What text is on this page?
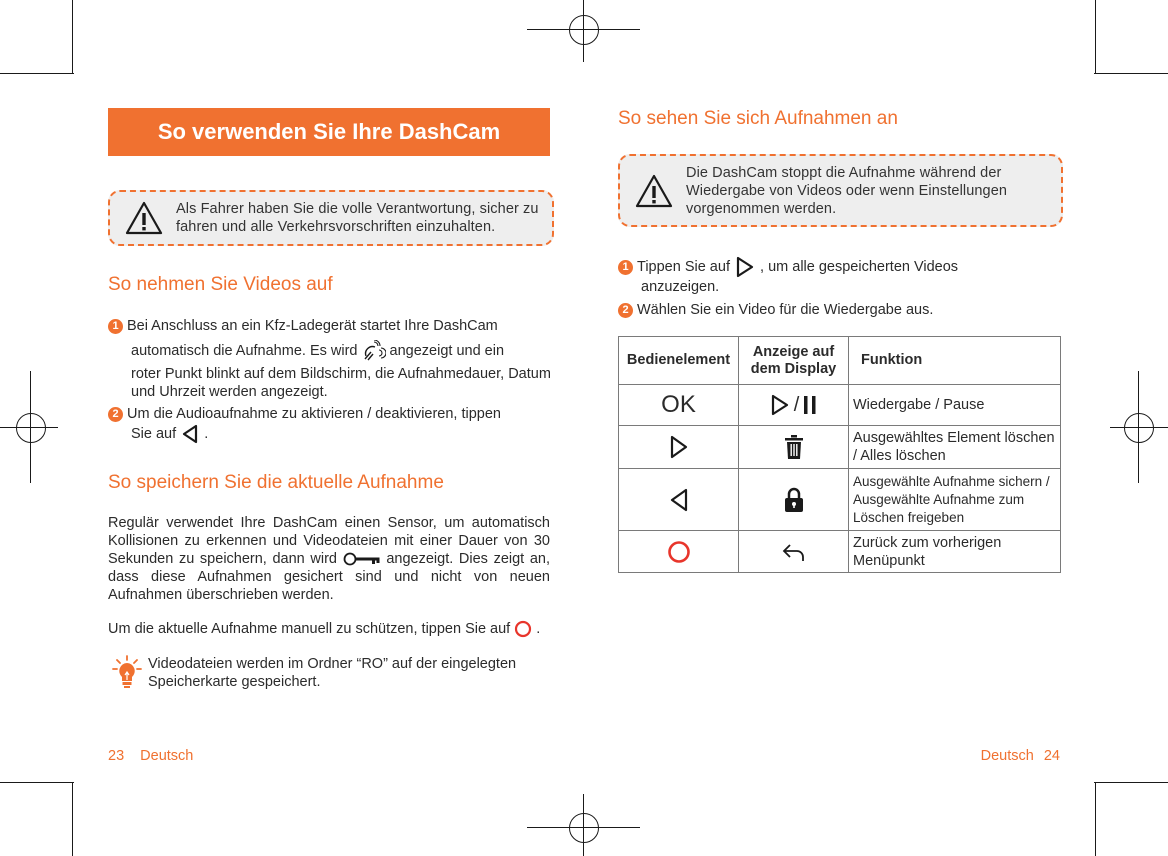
So verwenden Sie Ihre DashCam
Als Fahrer haben Sie die volle Verantwortung, sicher zu fahren und alle Verkehrsvorschriften einzuhalten.
So nehmen Sie Videos auf
1 Bei Anschluss an ein Kfz-Ladegerät startet Ihre DashCam
automatisch die Aufnahme. Es wird angezeigt und ein
roter Punkt blinkt auf dem Bildschirm, die Aufnahmedauer, Datum und Uhrzeit werden angezeigt.
2 Um die Audioaufnahme zu aktivieren / deaktivieren, tippen
Sie auf .
So speichern Sie die aktuelle Aufnahme
Regulär verwendet Ihre DashCam einen Sensor, um automatisch Kollisionen zu erkennen und Videodateien mit einer Dauer von 30 Sekunden zu speichern, dann wird	angezeigt. Dies zeigt an, dass diese Aufnahmen gesichert sind und nicht von neuen Aufnahmen überschrieben werden.
Um die aktuelle Aufnahme manuell zu schützen, tippen Sie auf .
Videodateien werden im Ordner “RO” auf der eingelegten Speicherkarte gespeichert.
23 Deutsch
So sehen Sie sich Aufnahmen an
Die DashCam stoppt die Aufnahme während der Wiedergabe von Videos oder wenn Einstellungen vorgenommen werden.
1 Tippen Sie auf , um alle gespeicherten Videos
anzuzeigen.
2 Wählen Sie ein Video für die Wiedergabe aus.
Bedienelement	Anzeige auf dem Display	Funktion
OK	/	Wiedergabe / Pause
		Ausgewähltes Element löschen / Alles löschen
		Ausgewählte Aufnahme sichern / Ausgewählte Aufnahme zum Löschen freigeben
		Zurück zum vorherigen Menüpunkt
Deutsch 24
